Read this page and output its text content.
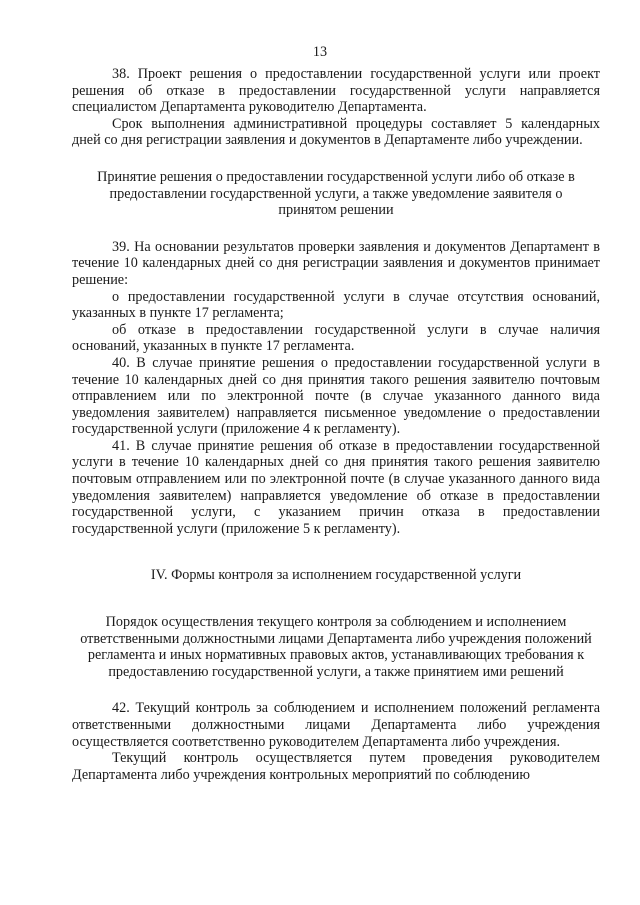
13

38. Проект решения о предоставлении государственной услуги или проект решения об отказе в предоставлении государственной услуги направляется специалистом Департамента руководителю Департамента.

Срок выполнения административной процедуры составляет 5 календарных дней со дня регистрации заявления и документов в Департаменте либо учреждении.

Принятие решения о предоставлении государственной услуги либо об отказе в предоставлении государственной услуги, а также уведомление заявителя о принятом решении

39. На основании результатов проверки заявления и документов Департамент в течение 10 календарных дней со дня регистрации заявления и документов принимает решение:

о предоставлении государственной услуги в случае отсутствия оснований, указанных в пункте 17 регламента;

об отказе в предоставлении государственной услуги в случае наличия оснований, указанных в пункте 17 регламента.

40. В случае принятие решения о предоставлении государственной услуги в течение 10 календарных дней со дня принятия такого решения заявителю почтовым отправлением или по электронной почте (в случае указанного данного вида уведомления заявителем) направляется письменное уведомление о предоставлении государственной услуги (приложение 4 к регламенту).

41. В случае принятие решения об отказе в предоставлении государственной услуги в течение 10 календарных дней со дня принятия такого решения заявителю почтовым отправлением или по электронной почте (в случае указанного данного вида уведомления заявителем) направляется уведомление об отказе в предоставлении государственной услуги, с указанием причин отказа в предоставлении государственной услуги (приложение 5 к регламенту).

IV. Формы контроля за исполнением государственной услуги

Порядок осуществления текущего контроля за соблюдением и исполнением ответственными должностными лицами Департамента либо учреждения положений регламента и иных нормативных правовых актов, устанавливающих требования к предоставлению государственной услуги, а также принятием ими решений

42. Текущий контроль за соблюдением и исполнением положений регламента ответственными должностными лицами Департамента либо учреждения осуществляется соответственно руководителем Департамента либо учреждения.

Текущий контроль осуществляется путем проведения руководителем Департамента либо учреждения контрольных мероприятий по соблюдению
